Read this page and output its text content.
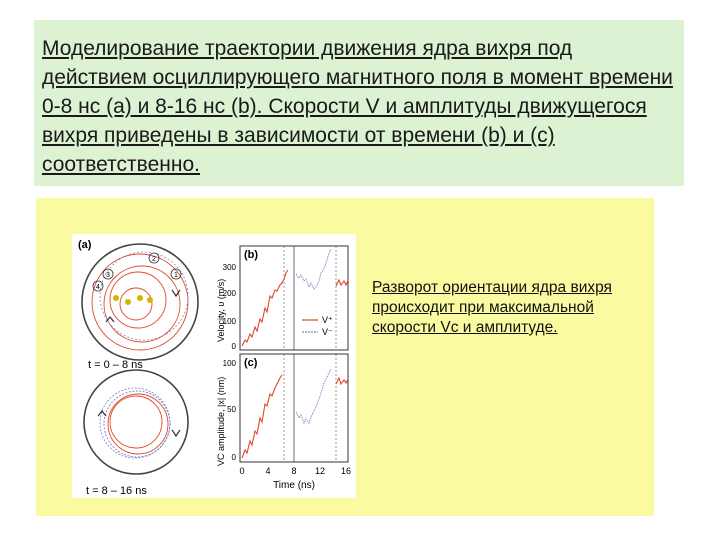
Моделирование траектории движения ядра вихря под действием осциллирующего магнитного поля в момент времени 0-8 нс (a) и 8-16 нс (b). Скорости V и амплитуды движущегося вихря приведены в зависимости от времени (b) и (c) соответственно.

1
2
3
4
(a)
t = 0 – 8 ns
t = 8 – 16 ns
300
200
100
0
Velocity, υ (m/s)
(b)
V⁺
V⁻
100
50
0
VC amplitude, |x| (nm)
(c)
0 4 8 12 16
Time (ns)

Разворот ориентации ядра вихря происходит при максимальной скорости Vc и амплитуде.
